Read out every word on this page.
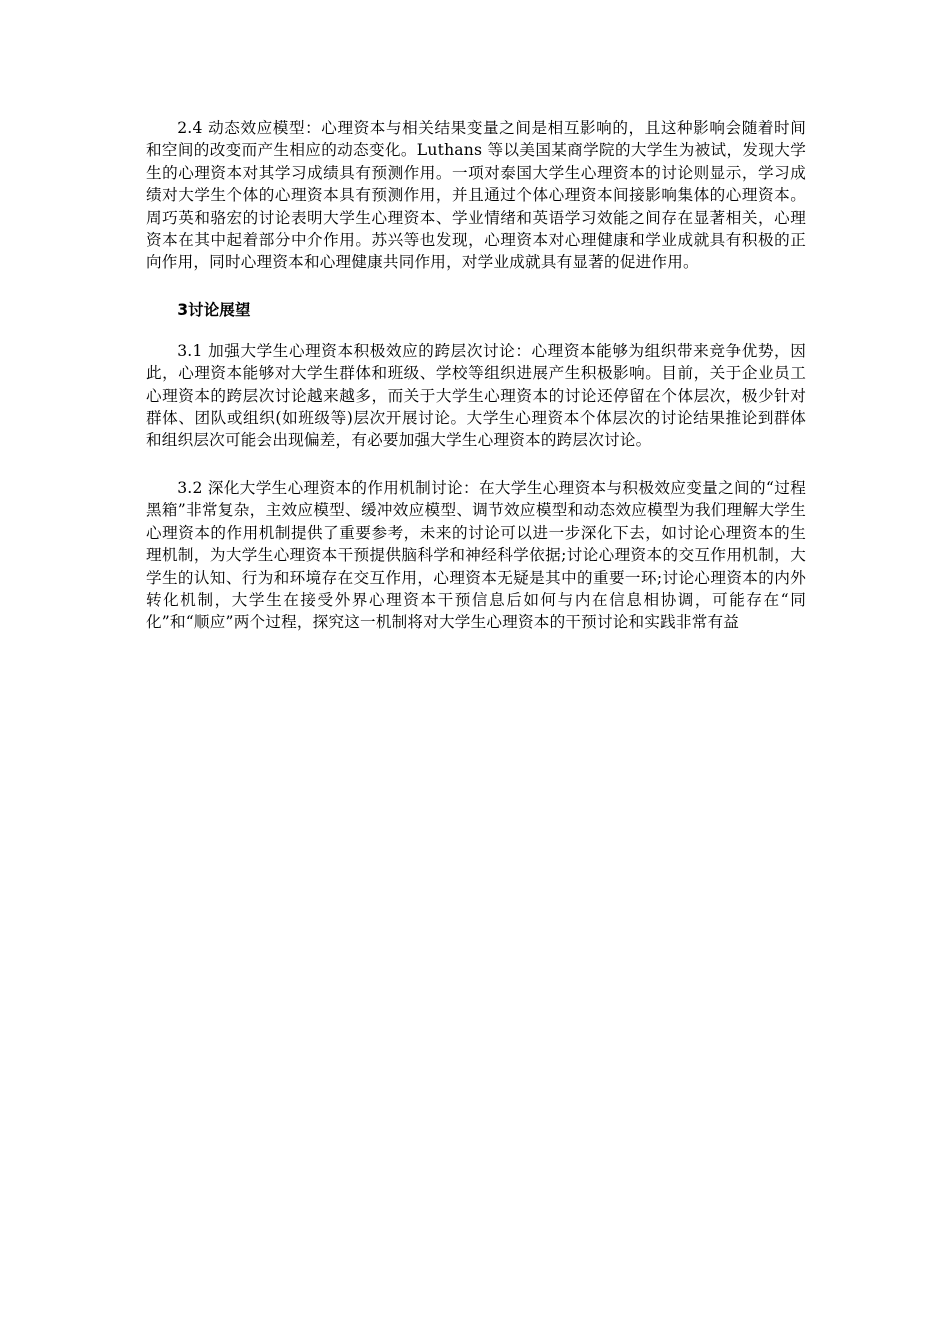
2.4 动态效应模型：心理资本与相关结果变量之间是相互影响的，且这种影响会随着时间和空间的改变而产生相应的动态变化。Luthans 等以美国某商学院的大学生为被试，发现大学生的心理资本对其学习成绩具有预测作用。一项对泰国大学生心理资本的讨论则显示，学习成绩对大学生个体的心理资本具有预测作用，并且通过个体心理资本间接影响集体的心理资本。周巧英和骆宏的讨论表明大学生心理资本、学业情绪和英语学习效能之间存在显著相关，心理资本在其中起着部分中介作用。苏兴等也发现，心理资本对心理健康和学业成就具有积极的正向作用，同时心理资本和心理健康共同作用，对学业成就具有显著的促进作用。

3讨论展望

3.1 加强大学生心理资本积极效应的跨层次讨论：心理资本能够为组织带来竞争优势，因此，心理资本能够对大学生群体和班级、学校等组织进展产生积极影响。目前，关于企业员工心理资本的跨层次讨论越来越多，而关于大学生心理资本的讨论还停留在个体层次，极少针对群体、团队或组织(如班级等)层次开展讨论。大学生心理资本个体层次的讨论结果推论到群体和组织层次可能会出现偏差，有必要加强大学生心理资本的跨层次讨论。

3.2 深化大学生心理资本的作用机制讨论：在大学生心理资本与积极效应变量之间的“过程黑箱”非常复杂，主效应模型、缓冲效应模型、调节效应模型和动态效应模型为我们理解大学生心理资本的作用机制提供了重要参考，未来的讨论可以进一步深化下去，如讨论心理资本的生理机制，为大学生心理资本干预提供脑科学和神经科学依据;讨论心理资本的交互作用机制，大学生的认知、行为和环境存在交互作用，心理资本无疑是其中的重要一环;讨论心理资本的内外转化机制，大学生在接受外界心理资本干预信息后如何与内在信息相协调，可能存在“同化”和“顺应”两个过程，探究这一机制将对大学生心理资本的干预讨论和实践非常有益
